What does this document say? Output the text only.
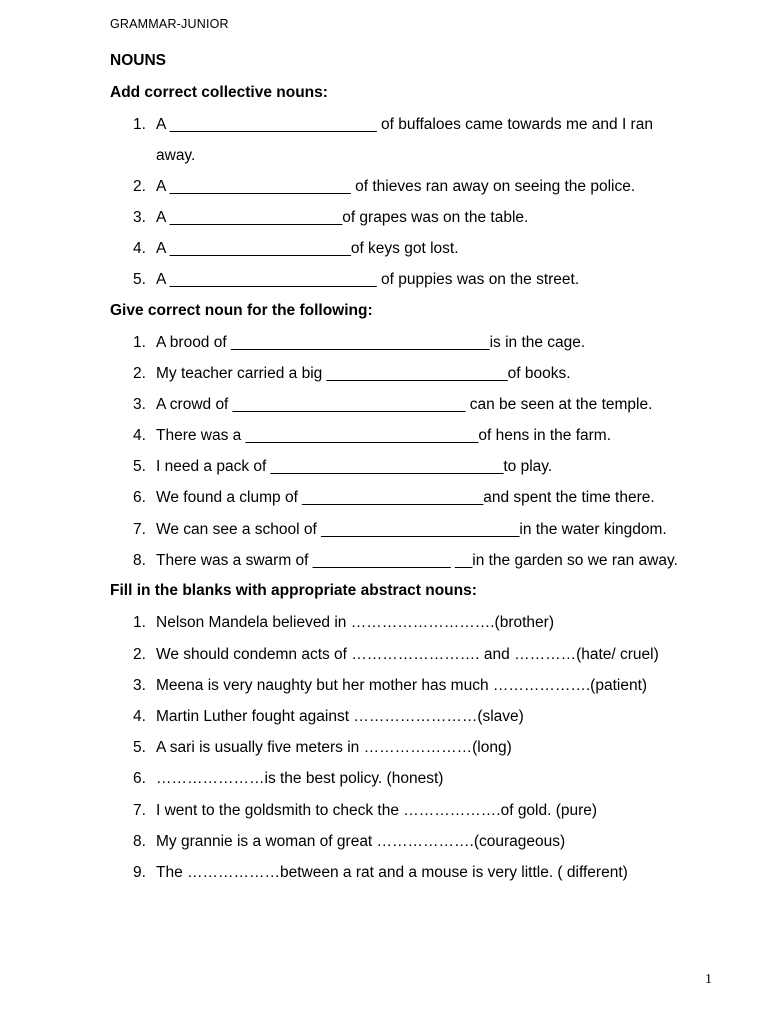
GRAMMAR-JUNIOR
NOUNS
Add correct collective nouns:
1. A ________________________ of buffaloes came towards me and I ran
away.
2. A _____________________ of thieves ran away on seeing the police.
3. A ____________________of grapes was on the table.
4. A _____________________of keys got lost.
5. A ________________________ of puppies was on the street.
Give correct noun for the following:
1. A brood of ______________________________is in the cage.
2. My teacher carried a big _____________________of books.
3. A crowd of ___________________________ can be seen at the temple.
4. There was a ___________________________of hens in the farm.
5. I need a pack of ___________________________to play.
6. We found a clump of _____________________and spent the time there.
7. We can see a school of _______________________in the water kingdom.
8. There was a swarm of ________________ __in the garden so we ran away.
Fill in the blanks with appropriate abstract nouns:
1. Nelson Mandela believed in ……………………….(brother)
2. We should condemn acts of ……………………. and …………(hate/ cruel)
3. Meena is very naughty but her mother has much ……………….(patient)
4. Martin Luther fought against ……………………(slave)
5. A sari is usually five meters in …………………(long)
6. …………………is the best policy. (honest)
7. I went to the goldsmith to check the ……………….of gold. (pure)
8. My grannie is a woman of great ……………….(courageous)
9. The ………………between a rat and a mouse is very little. ( different)
1
